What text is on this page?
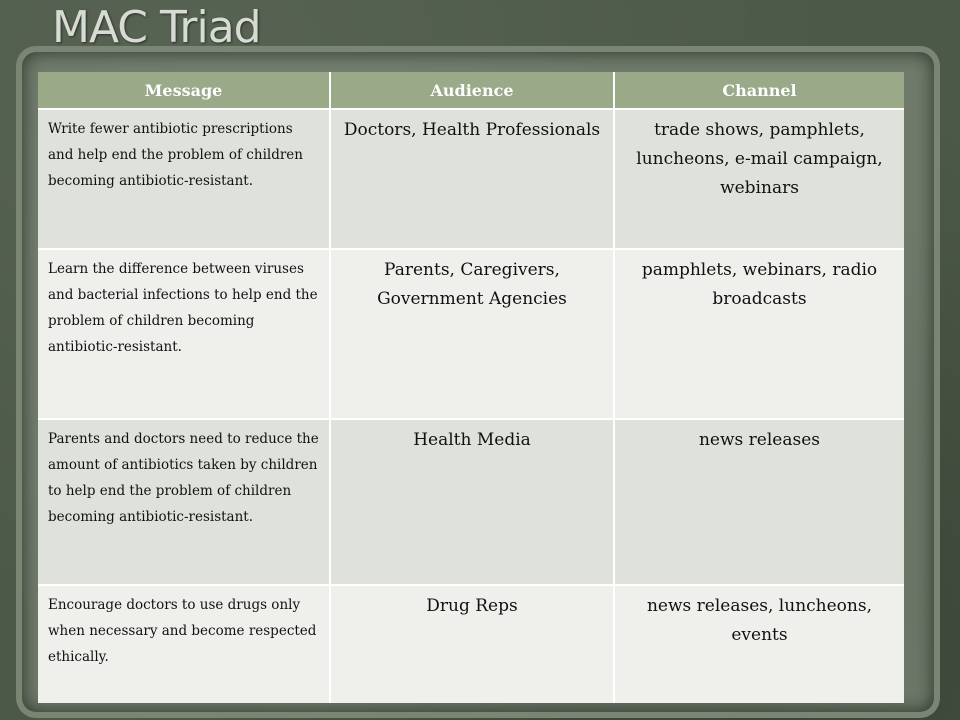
MAC Triad
Message	Audience	Channel
Write fewer antibiotic prescriptions and help end the problem of children becoming antibiotic-resistant.	Doctors, Health Professionals	trade shows, pamphlets, luncheons, e-mail campaign, webinars
Learn the difference between viruses and bacterial infections to help end the problem of children becoming antibiotic-resistant.	Parents, Caregivers, Government Agencies	pamphlets, webinars, radio broadcasts
Parents and doctors need to reduce the amount of antibiotics taken by children to help end the problem of children becoming antibiotic-resistant.	Health Media	news releases
Encourage doctors to use drugs only when necessary and become respected ethically.	Drug Reps	news releases, luncheons, events
